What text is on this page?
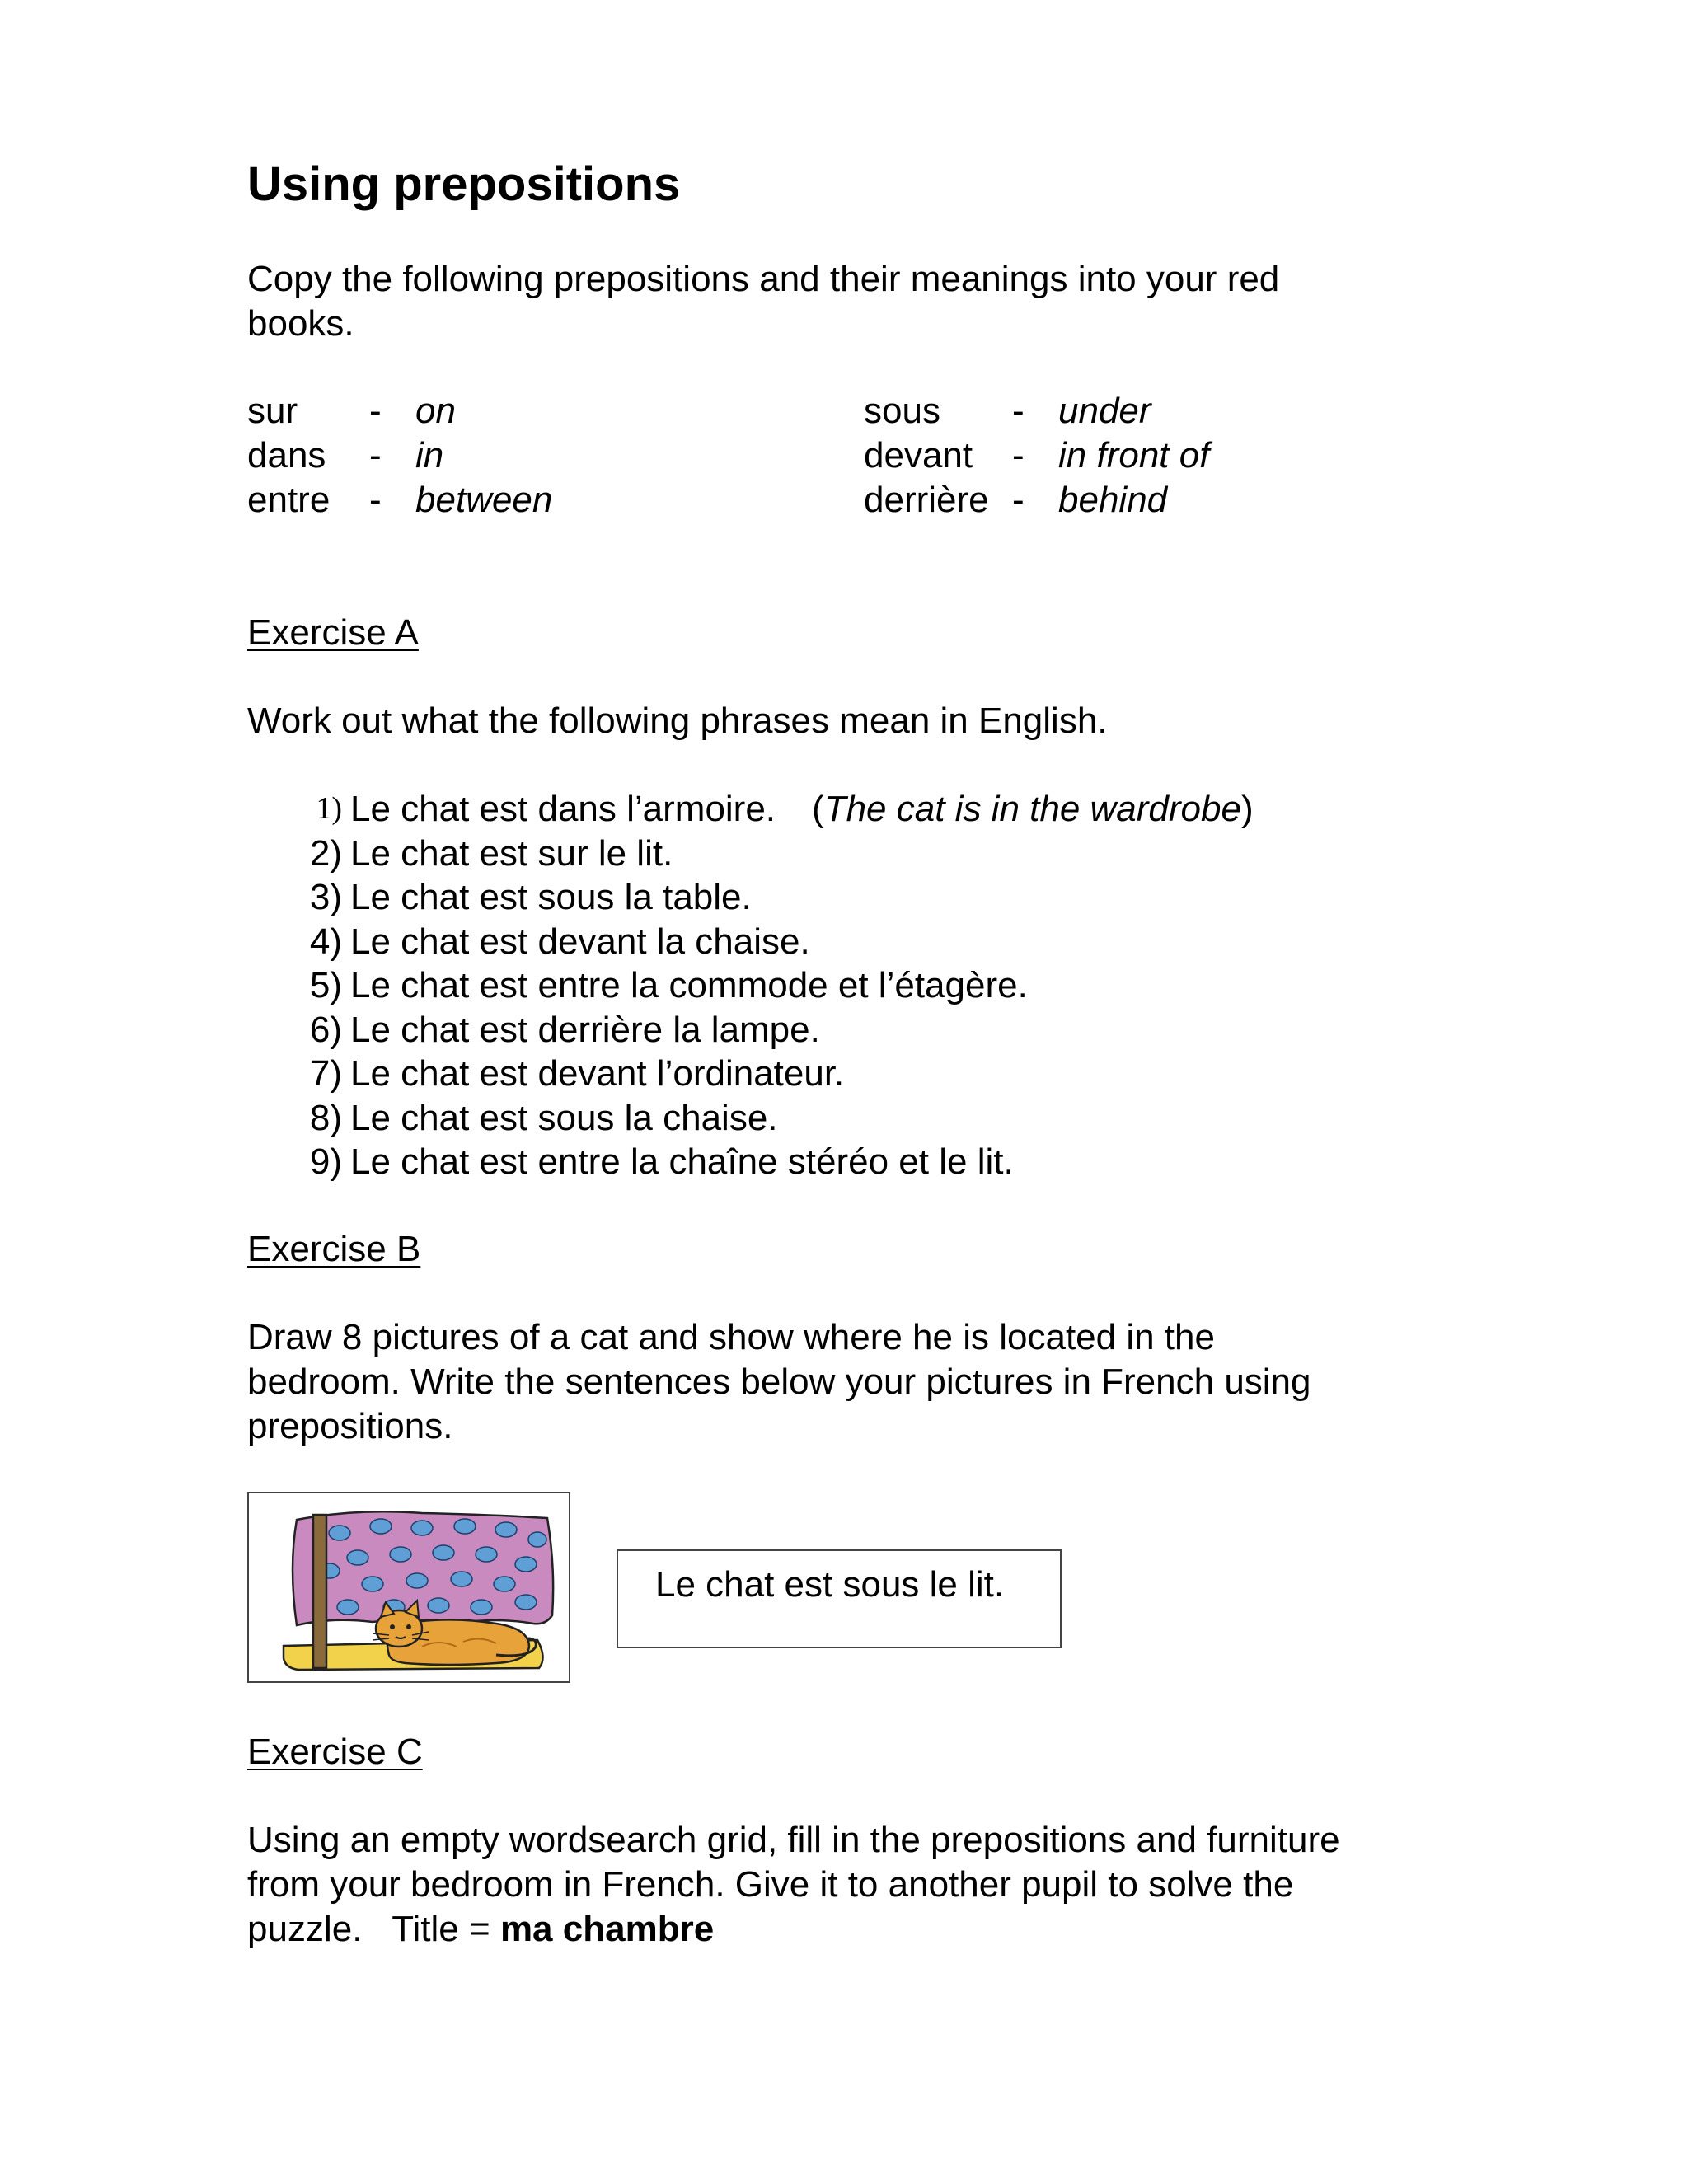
Using prepositions

Copy the following prepositions and their meanings into your red
books.

sur - on
dans - in
entre - between
sous - under
devant - in front of
derrière - behind
Exercise A

Work out what the following phrases mean in English.

1) Le chat est dans l’armoire. (The cat is in the wardrobe)
2) Le chat est sur le lit.
3) Le chat est sous la table.
4) Le chat est devant la chaise.
5) Le chat est entre la commode et l’étagère.
6) Le chat est derrière la lampe.
7) Le chat est devant l’ordinateur.
8) Le chat est sous la chaise.
9) Le chat est entre la chaîne stéréo et le lit.
Exercise B

Draw 8 pictures of a cat and show where he is located in the
bedroom. Write the sentences below your pictures in French using
prepositions.

Le chat est sous le lit.
Exercise C

Using an empty wordsearch grid, fill in the prepositions and furniture
from your bedroom in French. Give it to another pupil to solve the
puzzle.   Title = ma chambre
